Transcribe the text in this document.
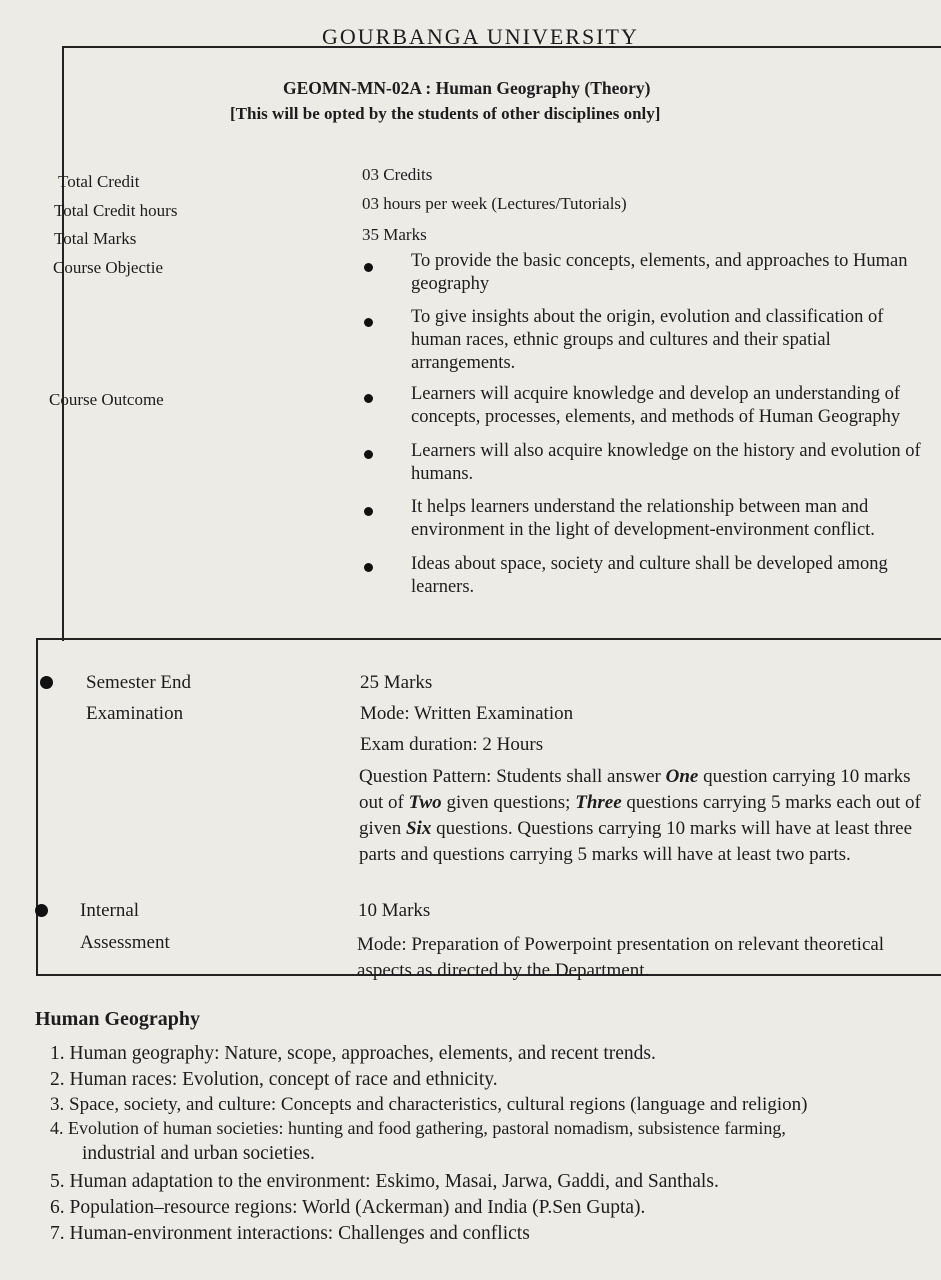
GOURBANGA UNIVERSITY
GEOMN-MN-02A : Human Geography (Theory)
[This will be opted by the students of other disciplines only]
Total Credit
Total Credit hours
Total Marks
Course Objectie
Course Outcome
03 Credits
03 hours per week (Lectures/Tutorials)
35 Marks
To provide the basic concepts, elements, and approaches to Human geography
To give insights about the origin, evolution and classification of human races, ethnic groups and cultures and their spatial arrangements.
Learners will acquire knowledge and develop an understanding of concepts, processes, elements, and methods of Human Geography
Learners will also acquire knowledge on the history and evolution of humans.
It helps learners understand the relationship between man and environment in the light of development-environment conflict.
Ideas about space, society and culture shall be developed among learners.
Semester End
Examination
25 Marks
Mode: Written Examination
Exam duration: 2 Hours
Question Pattern: Students shall answer One question carrying 10 marks out of Two given questions; Three questions carrying 5 marks each out of given Six questions. Questions carrying 10 marks will have at least three parts and questions carrying 5 marks will have at least two parts.
Internal
Assessment
10 Marks
Mode: Preparation of Powerpoint presentation on relevant theoretical aspects as directed by the Department.
Human Geography
1. Human geography: Nature, scope, approaches, elements, and recent trends.
2. Human races: Evolution, concept of race and ethnicity.
3. Space, society, and culture: Concepts and characteristics, cultural regions (language and religion)
4. Evolution of human societies: hunting and food gathering, pastoral nomadism, subsistence farming,
industrial and urban societies.
5. Human adaptation to the environment: Eskimo, Masai, Jarwa, Gaddi, and Santhals.
6. Population–resource regions: World (Ackerman) and India (P.Sen Gupta).
7. Human-environment interactions: Challenges and conflicts
